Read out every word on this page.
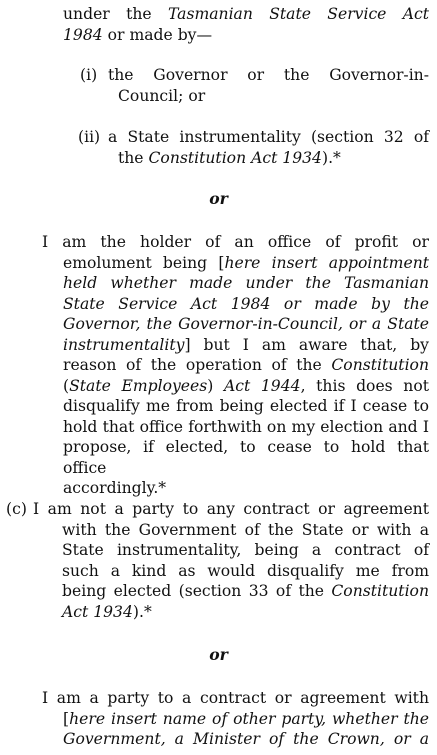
under the Tasmanian State Service Act
1984 or made by—
(i) the Governor or the Governor-in-
Council; or
(ii) a State instrumentality (section 32 of
the Constitution Act 1934).*
or
I am the holder of an office of profit or
emolument being [here insert appointment
held whether made under the Tasmanian
State Service Act 1984 or made by the
Governor, the Governor-in-Council, or a State
instrumentality] but I am aware that, by
reason of the operation of the Constitution
(State Employees) Act 1944, this does not
disqualify me from being elected if I cease to
hold that office forthwith on my election and I
propose, if elected, to cease to hold that office
accordingly.*
(c) I am not a party to any contract or agreement
with the Government of the State or with a
State instrumentality, being a contract of
such a kind as would disqualify me from
being elected (section 33 of the Constitution
Act 1934).*
or
I am a party to a contract or agreement with
[here insert name of other party, whether the
Government, a Minister of the Crown, or a
